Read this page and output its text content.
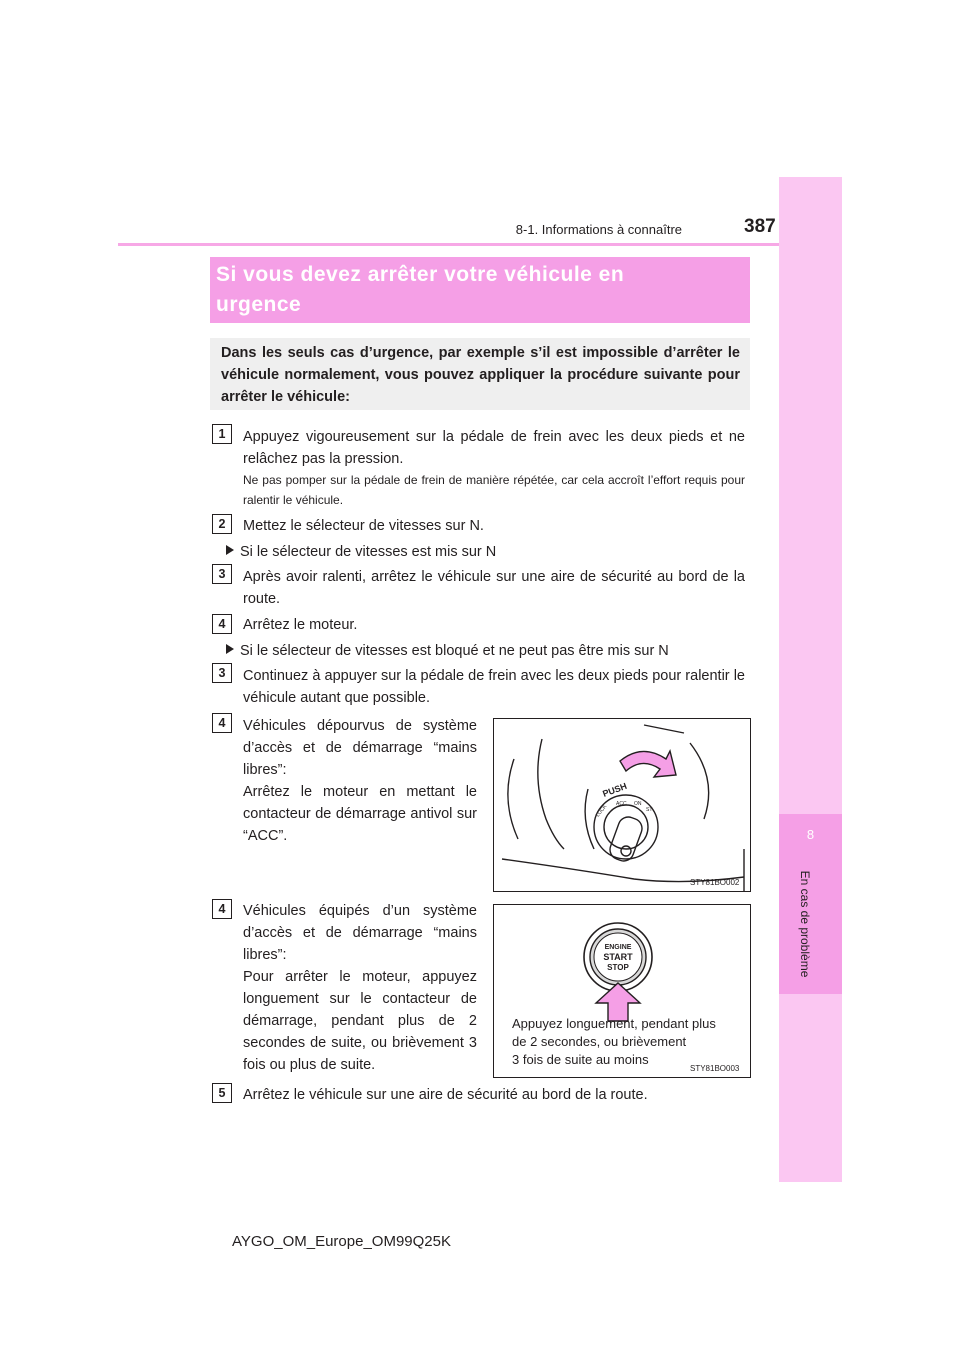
8-1. Informations à connaître	387
8
En cas de problème
Si vous devez arrêter votre véhicule en
urgence
Dans les seuls cas d’urgence, par exemple s’il est impossible d’arrêter le véhicule normalement, vous pouvez appliquer la procédure suivante pour arrêter le véhicule:
1	Appuyez vigoureusement sur la pédale de frein avec les deux pieds et ne relâchez pas la pression.
Ne pas pomper sur la pédale de frein de manière répétée, car cela accroît l’effort requis pour ralentir le véhicule.
2	Mettez le sélecteur de vitesses sur N.
Si le sélecteur de vitesses est mis sur N
3	Après avoir ralenti, arrêtez le véhicule sur une aire de sécurité au bord de la route.
4	Arrêtez le moteur.
Si le sélecteur de vitesses est bloqué et ne peut pas être mis sur N
3	Continuez à appuyer sur la pédale de frein avec les deux pieds pour ralentir le véhicule autant que possible.
4	Véhicules dépourvus de système d’accès et de démarrage “mains libres”:
Arrêtez le moteur en mettant le contacteur de démarrage antivol sur “ACC”.
PUSH
LOCK ACC ON
ST
STY81BO002
4	Véhicules équipés d’un système d’accès et de démarrage “mains libres”:
Pour arrêter le moteur, appuyez longuement sur le contacteur de démarrage, pendant plus de 2 secondes de suite, ou brièvement 3 fois ou plus de suite.
ENGINE
START
STOP
STY81BO003
Appuyez longuement, pendant plus
de 2 secondes, ou brièvement
3 fois de suite au moins
5	Arrêtez le véhicule sur une aire de sécurité au bord de la route.
AYGO_OM_Europe_OM99Q25K
